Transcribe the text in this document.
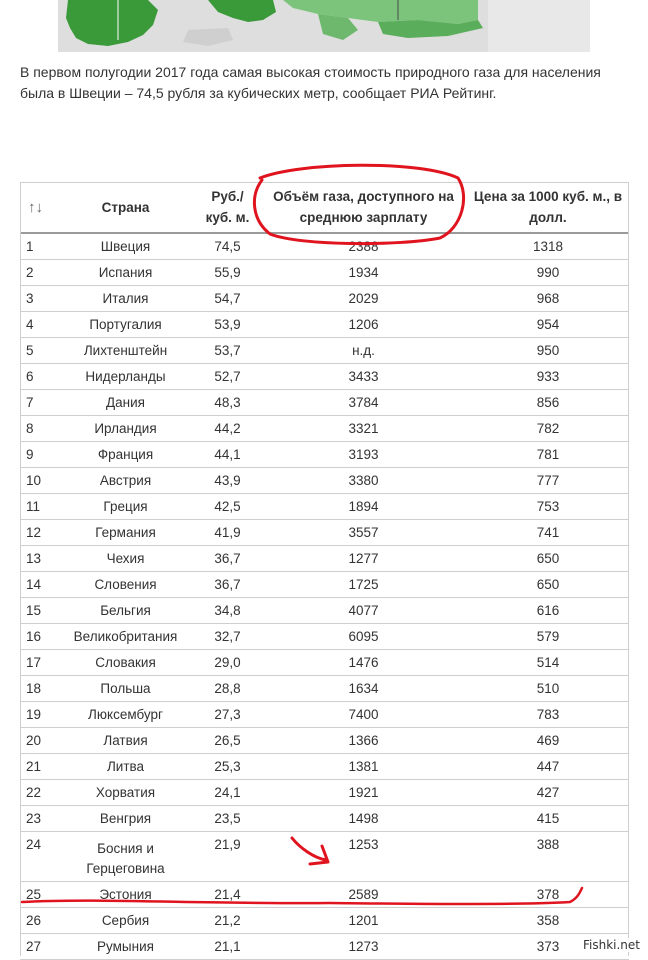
В первом полугодии 2017 года самая высокая стоимость природного газа для населения была в Швеции – 74,5 рубля за кубических метр, сообщает РИА Рейтинг.

↑↓	Страна	Руб./ куб. м.	Объём газа, доступного на среднюю зарплату	Цена за 1000 куб. м., в долл.
1	Швеция	74,5	2388	1318
2	Испания	55,9	1934	990
3	Италия	54,7	2029	968
4	Португалия	53,9	1206	954
5	Лихтенштейн	53,7	н.д.	950
6	Нидерланды	52,7	3433	933
7	Дания	48,3	3784	856
8	Ирландия	44,2	3321	782
9	Франция	44,1	3193	781
10	Австрия	43,9	3380	777
11	Греция	42,5	1894	753
12	Германия	41,9	3557	741
13	Чехия	36,7	1277	650
14	Словения	36,7	1725	650
15	Бельгия	34,8	4077	616
16	Великобритания	32,7	6095	579
17	Словакия	29,0	1476	514
18	Польша	28,8	1634	510
19	Люксембург	27,3	7400	783
20	Латвия	26,5	1366	469
21	Литва	25,3	1381	447
22	Хорватия	24,1	1921	427
23	Венгрия	23,5	1498	415
24	Босния и Герцеговина	21,9	1253	388
25	Эстония	21,4	2589	378
26	Сербия	21,2	1201	358
27	Румыния	21,1	1273	373 Fishki.net
